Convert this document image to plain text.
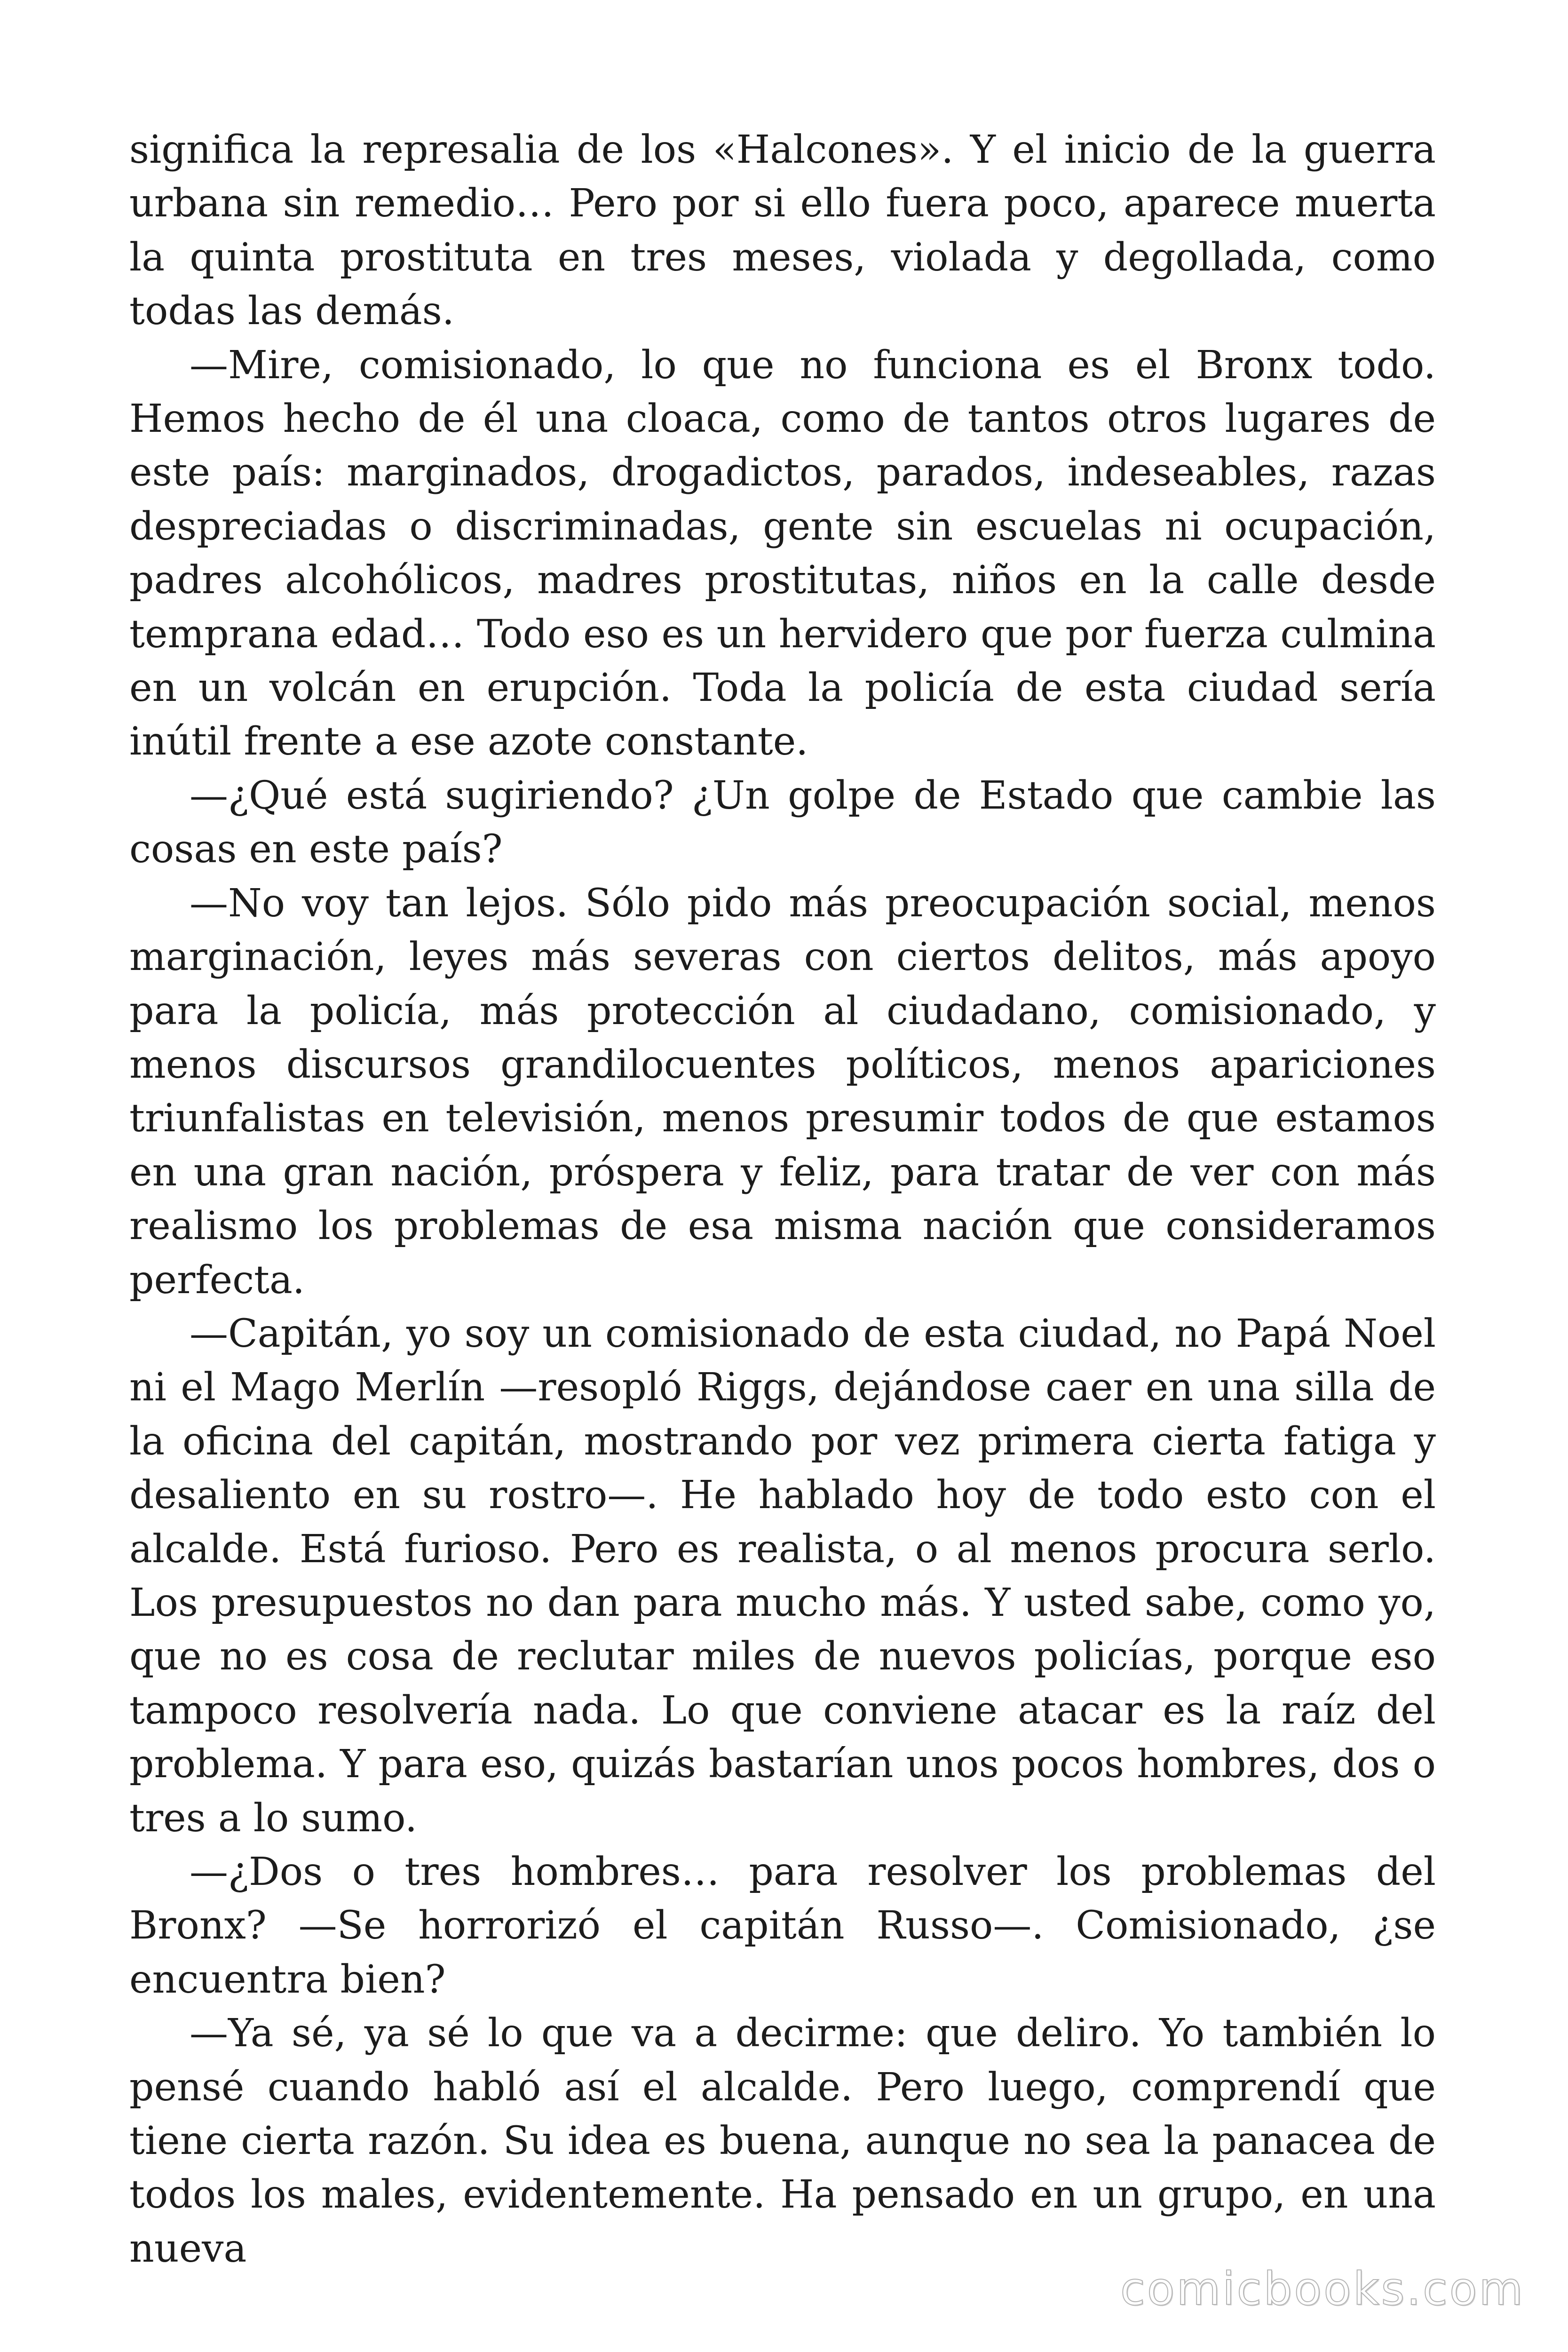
significa la represalia de los «Halcones». Y el inicio de la guerra urbana sin remedio… Pero por si ello fuera poco, aparece muerta la quinta prostituta en tres meses, violada y degollada, como todas las demás.

—Mire, comisionado, lo que no funciona es el Bronx todo. Hemos hecho de él una cloaca, como de tantos otros lugares de este país: marginados, drogadictos, parados, indeseables, razas despreciadas o discriminadas, gente sin escuelas ni ocupación, padres alcohólicos, madres prostitutas, niños en la calle desde temprana edad… Todo eso es un hervidero que por fuerza culmina en un volcán en erupción. Toda la policía de esta ciudad sería inútil frente a ese azote constante.

—¿Qué está sugiriendo? ¿Un golpe de Estado que cambie las cosas en este país?

—No voy tan lejos. Sólo pido más preocupación social, menos marginación, leyes más severas con ciertos delitos, más apoyo para la policía, más protección al ciudadano, comisionado, y menos discursos grandilocuentes políticos, menos apariciones triunfalistas en televisión, menos presumir todos de que estamos en una gran nación, próspera y feliz, para tratar de ver con más realismo los problemas de esa misma nación que consideramos perfecta.

—Capitán, yo soy un comisionado de esta ciudad, no Papá Noel ni el Mago Merlín —resopló Riggs, dejándose caer en una silla de la oficina del capitán, mostrando por vez primera cierta fatiga y desaliento en su rostro—. He hablado hoy de todo esto con el alcalde. Está furioso. Pero es realista, o al menos procura serlo. Los presupuestos no dan para mucho más. Y usted sabe, como yo, que no es cosa de reclutar miles de nuevos policías, porque eso tampoco resolvería nada. Lo que conviene atacar es la raíz del problema. Y para eso, quizás bastarían unos pocos hombres, dos o tres a lo sumo.

—¿Dos o tres hombres… para resolver los problemas del Bronx? —Se horrorizó el capitán Russo—. Comisionado, ¿se encuentra bien?

—Ya sé, ya sé lo que va a decirme: que deliro. Yo también lo pensé cuando habló así el alcalde. Pero luego, comprendí que tiene cierta razón. Su idea es buena, aunque no sea la panacea de todos los males, evidentemente. Ha pensado en un grupo, en una nueva

comicbooks.com
